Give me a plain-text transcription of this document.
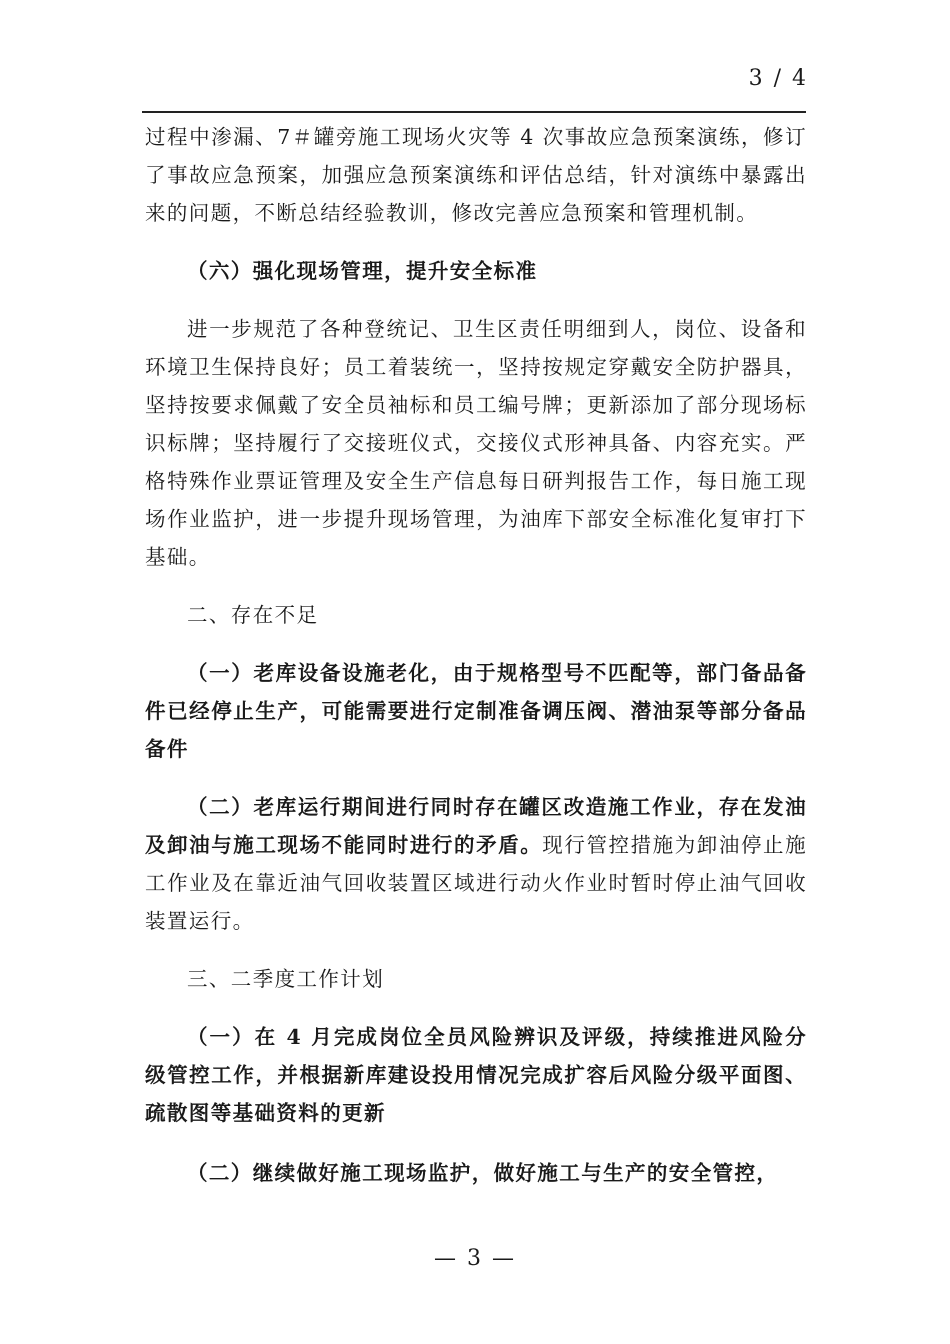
3 / 4

过程中渗漏、7＃罐旁施工现场火灾等 4 次事故应急预案演练，修订了事故应急预案，加强应急预案演练和评估总结，针对演练中暴露出来的问题，不断总结经验教训，修改完善应急预案和管理机制。

（六）强化现场管理，提升安全标准

进一步规范了各种登统记、卫生区责任明细到人，岗位、设备和环境卫生保持良好；员工着装统一，坚持按规定穿戴安全防护器具，坚持按要求佩戴了安全员袖标和员工编号牌；更新添加了部分现场标识标牌；坚持履行了交接班仪式，交接仪式形神具备、内容充实。严格特殊作业票证管理及安全生产信息每日研判报告工作，每日施工现场作业监护，进一步提升现场管理，为油库下部安全标准化复审打下基础。

二、存在不足

（一）老库设备设施老化，由于规格型号不匹配等，部门备品备件已经停止生产，可能需要进行定制准备调压阀、潜油泵等部分备品备件

（二）老库运行期间进行同时存在罐区改造施工作业，存在发油及卸油与施工现场不能同时进行的矛盾。现行管控措施为卸油停止施工作业及在靠近油气回收装置区域进行动火作业时暂时停止油气回收装置运行。

三、二季度工作计划

（一）在 4 月完成岗位全员风险辨识及评级，持续推进风险分级管控工作，并根据新库建设投用情况完成扩容后风险分级平面图、疏散图等基础资料的更新

（二）继续做好施工现场监护，做好施工与生产的安全管控，

— 3 —
